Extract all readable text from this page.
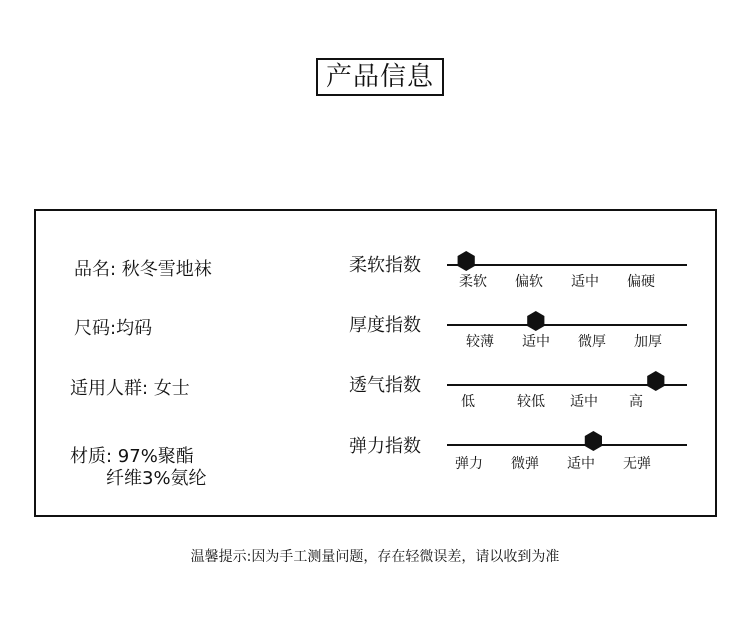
产品信息
品名: 秋冬雪地袜
尺码:均码
适用人群: 女士
材质: 97%聚酯
纤维3%氨纶
柔软指数
柔软 偏软 适中 偏硬
厚度指数
较薄 适中 微厚 加厚
透气指数
低	较低 适中 高
弹力指数
弹力 微弹 适中 无弹
温馨提示:因为手工测量问题，存在轻微误差，请以收到为准
